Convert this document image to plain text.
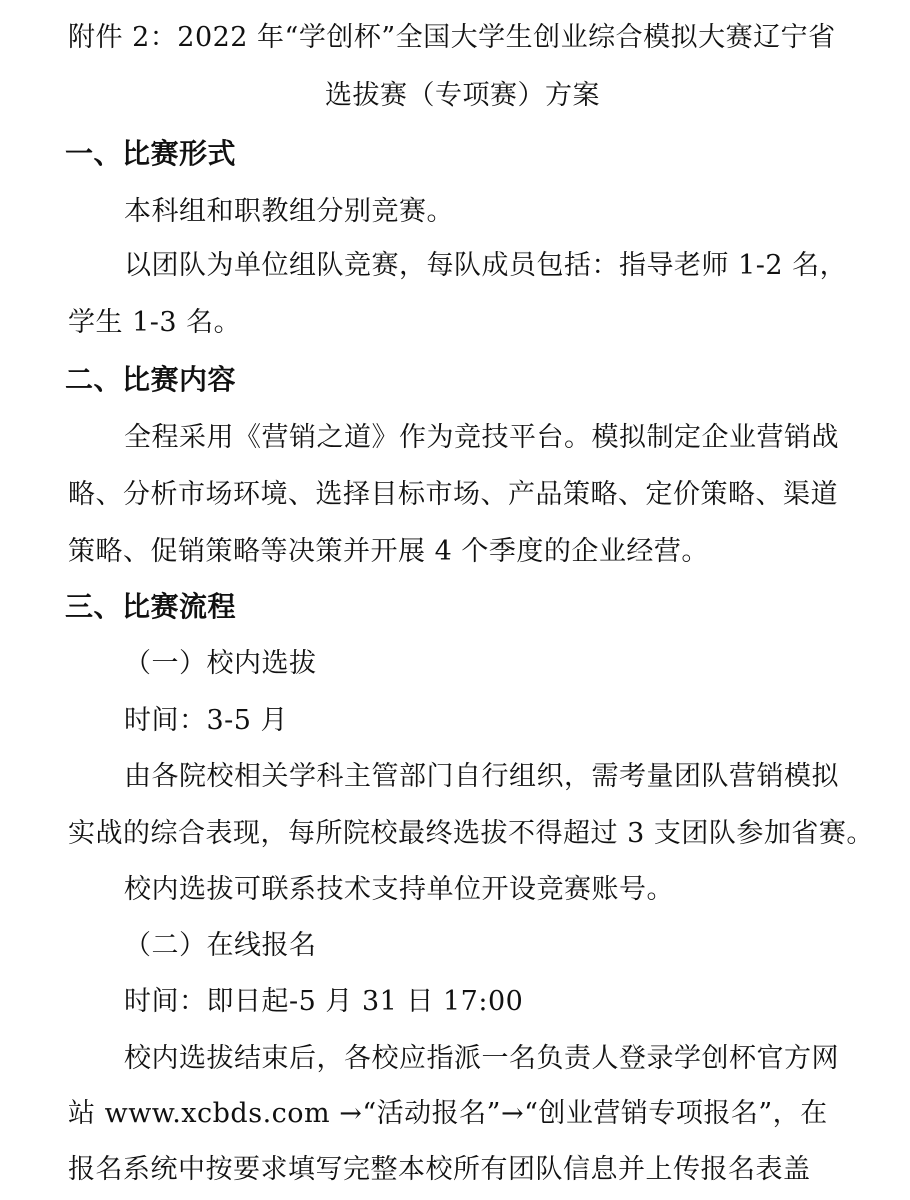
附件 2：2022 年“学创杯”全国大学生创业综合模拟大赛辽宁省
选拔赛（专项赛）方案
一、比赛形式
本科组和职教组分别竞赛。
以团队为单位组队竞赛，每队成员包括：指导老师 1-2 名，
学生 1-3 名。
二、比赛内容
全程采用《营销之道》作为竞技平台。模拟制定企业营销战
略、分析市场环境、选择目标市场、产品策略、定价策略、渠道
策略、促销策略等决策并开展 4 个季度的企业经营。
三、比赛流程
（一）校内选拔
时间：3-5 月
由各院校相关学科主管部门自行组织，需考量团队营销模拟
实战的综合表现，每所院校最终选拔不得超过 3 支团队参加省赛。
校内选拔可联系技术支持单位开设竞赛账号。
（二）在线报名
时间：即日起-5 月 31 日 17:00
校内选拔结束后，各校应指派一名负责人登录学创杯官方网
站 www.xcbds.com →“活动报名”→“创业营销专项报名”，在
报名系统中按要求填写完整本校所有团队信息并上传报名表盖
